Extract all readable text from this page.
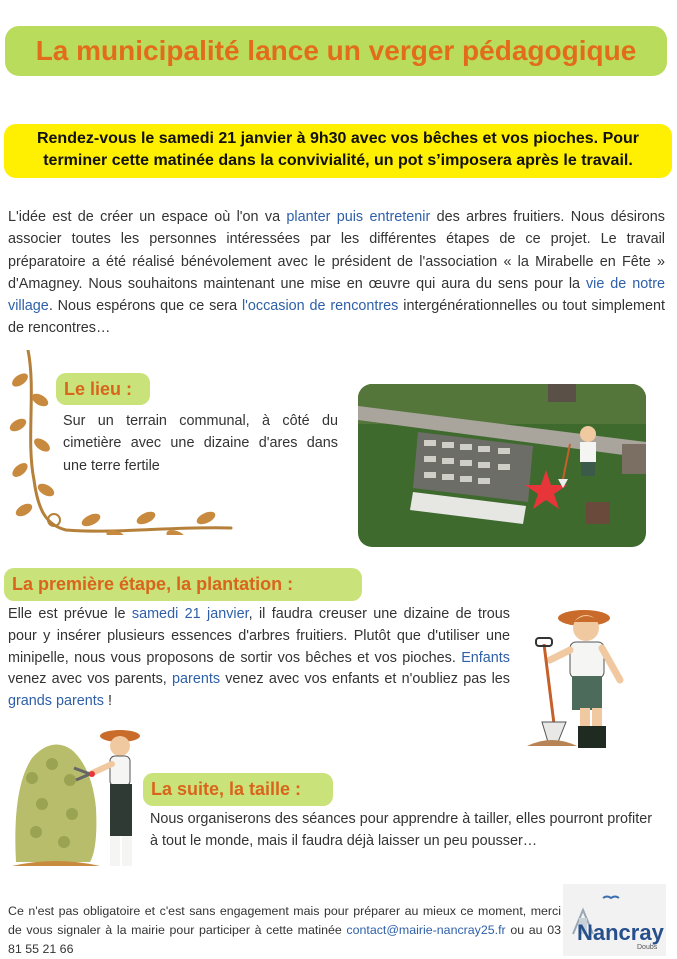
La municipalité lance un verger pédagogique
Rendez-vous le samedi 21 janvier à 9h30 avec vos bêches et vos pioches. Pour
terminer cette matinée dans la convivialité, un pot s’imposera après le travail.
L'idée est de créer un espace où l'on va planter puis entretenir des arbres fruitiers. Nous désirons associer toutes les personnes intéressées par les différentes étapes de ce projet. Le travail préparatoire a été réalisé bénévolement avec le président de l'association « la Mirabelle en Fête » d'Amagney. Nous souhaitons maintenant une mise en œuvre qui aura du sens pour la vie de notre village. Nous espérons que ce sera l'occasion de rencontres intergénérationnelles ou tout simplement de rencontres…
Le lieu :
Sur un terrain communal, à côté du cimetière avec une dizaine d'ares dans une terre fertile
La première étape, la plantation :
Elle est prévue le samedi 21 janvier, il faudra creuser une dizaine de trous pour y insérer plusieurs essences d'arbres fruitiers. Plutôt que d'utiliser une minipelle, nous vous proposons de sortir vos bêches et vos pioches. Enfants venez avec vos parents, parents venez avec vos enfants et n'oubliez pas les grands parents !
La suite, la taille :
Nous organiserons des séances pour apprendre à tailler, elles pourront profiter à tout le monde, mais il faudra déjà laisser un peu pousser…
Ce n'est pas obligatoire et c'est sans engagement mais pour préparer au mieux ce moment, merci de vous signaler à la mairie pour participer à cette matinée contact@mairie-nancray25.fr ou au 03 81 55 21 66
Nancray
Doubs
